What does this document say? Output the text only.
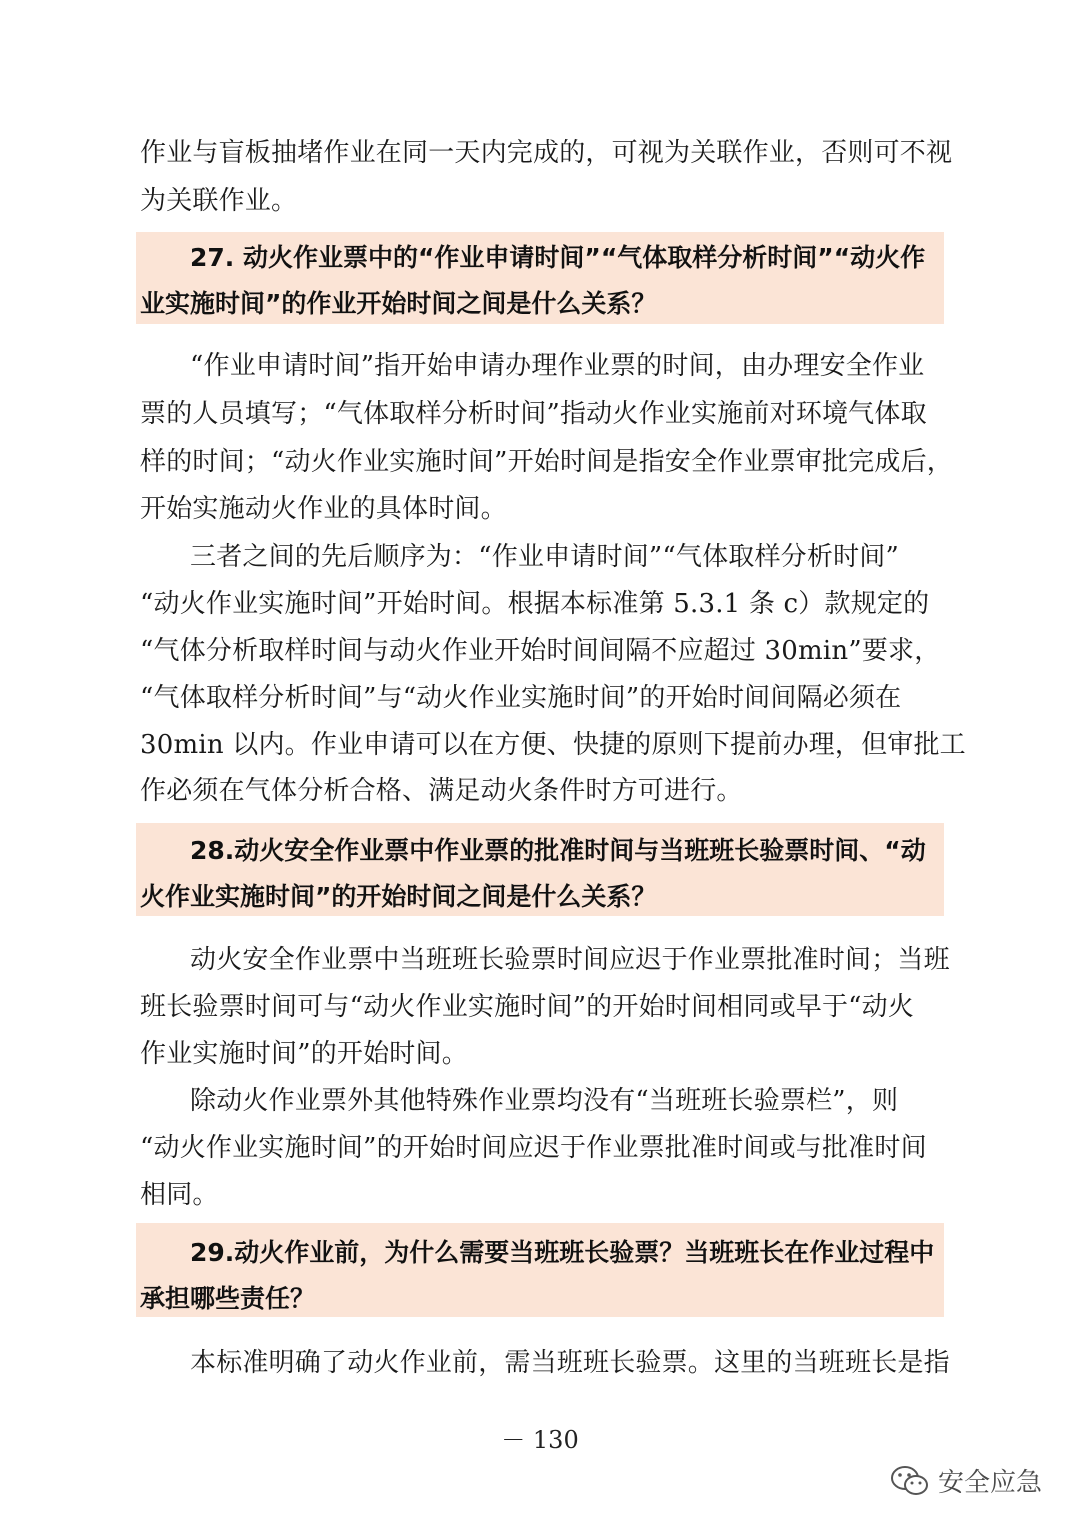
作业与盲板抽堵作业在同一天内完成的，可视为关联作业，否则可不视
为关联作业。
27. 动火作业票中的“作业申请时间”“气体取样分析时间”“动火作
业实施时间”的作业开始时间之间是什么关系？
“作业申请时间”指开始申请办理作业票的时间，由办理安全作业
票的人员填写；“气体取样分析时间”指动火作业实施前对环境气体取
样的时间；“动火作业实施时间”开始时间是指安全作业票审批完成后，
开始实施动火作业的具体时间。
三者之间的先后顺序为：“作业申请时间”“气体取样分析时间”
“动火作业实施时间”开始时间。根据本标准第 5.3.1 条 c）款规定的
“气体分析取样时间与动火作业开始时间间隔不应超过 30min”要求，
“气体取样分析时间”与“动火作业实施时间”的开始时间间隔必须在
30min 以内。作业申请可以在方便、快捷的原则下提前办理，但审批工
作必须在气体分析合格、满足动火条件时方可进行。
28.动火安全作业票中作业票的批准时间与当班班长验票时间、“动
火作业实施时间”的开始时间之间是什么关系？
动火安全作业票中当班班长验票时间应迟于作业票批准时间；当班
班长验票时间可与“动火作业实施时间”的开始时间相同或早于“动火
作业实施时间”的开始时间。
除动火作业票外其他特殊作业票均没有“当班班长验票栏”，则
“动火作业实施时间”的开始时间应迟于作业票批准时间或与批准时间
相同。
29.动火作业前，为什么需要当班班长验票？当班班长在作业过程中
承担哪些责任？
本标准明确了动火作业前，需当班班长验票。这里的当班班长是指
－ 130
安全应急
